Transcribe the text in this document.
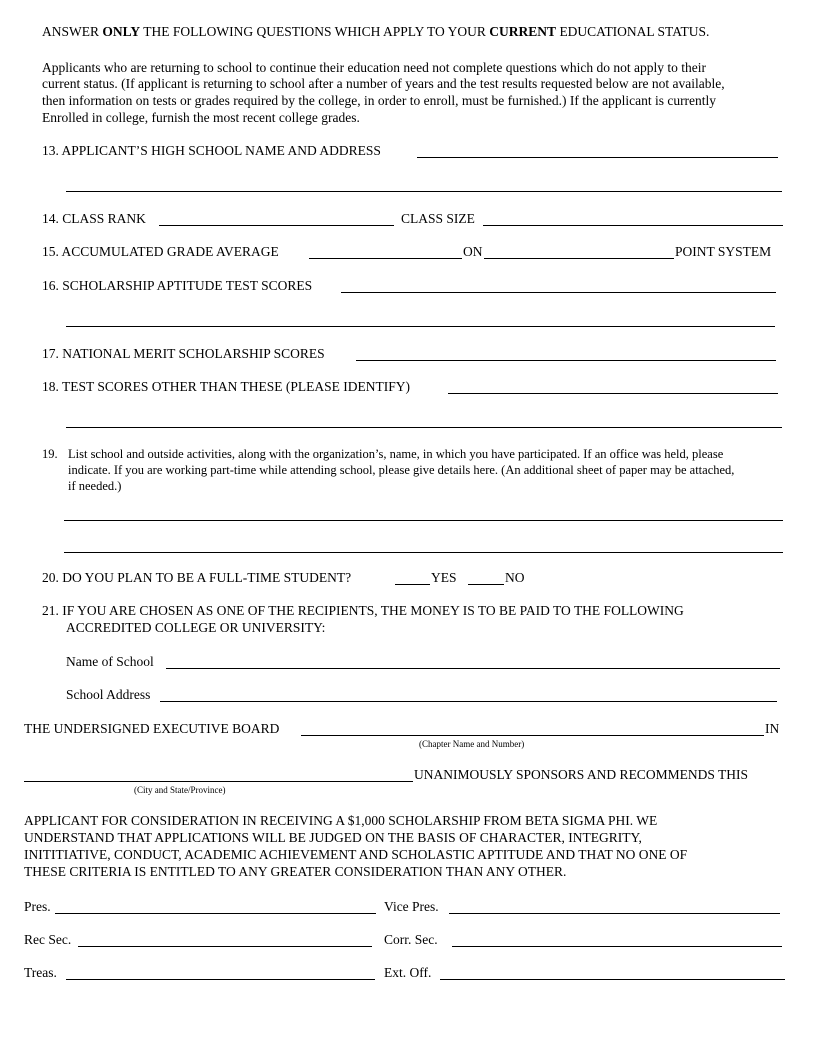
ANSWER ONLY THE FOLLOWING QUESTIONS WHICH APPLY TO YOUR CURRENT EDUCATIONAL STATUS.
Applicants who are returning to school to continue their education need not complete questions which do not apply to their
current status. (If applicant is returning to school after a number of years and the test results requested below are not available,
then information on tests or grades required by the college, in order to enroll, must be furnished.) If the applicant is currently
Enrolled in college, furnish the most recent college grades.
13. APPLICANT’S HIGH SCHOOL NAME AND ADDRESS
14. CLASS RANK	CLASS SIZE
15. ACCUMULATED GRADE AVERAGE	ON	POINT SYSTEM
16. SCHOLARSHIP APTITUDE TEST SCORES
17. NATIONAL MERIT SCHOLARSHIP SCORES
18. TEST SCORES OTHER THAN THESE (PLEASE IDENTIFY)
19. List school and outside activities, along with the organization’s, name, in which you have participated. If an office was held, please
indicate. If you are working part-time while attending school, please give details here. (An additional sheet of paper may be attached,
if needed.)
20. DO YOU PLAN TO BE A FULL-TIME STUDENT?	YES	NO
21. IF YOU ARE CHOSEN AS ONE OF THE RECIPIENTS, THE MONEY IS TO BE PAID TO THE FOLLOWING
ACCREDITED COLLEGE OR UNIVERSITY:
Name of School
School Address
THE UNDERSIGNED EXECUTIVE BOARD	IN
(Chapter Name and Number)
UNANIMOUSLY SPONSORS AND RECOMMENDS THIS
(City and State/Province)
APPLICANT FOR CONSIDERATION IN RECEIVING A $1,000 SCHOLARSHIP FROM BETA SIGMA PHI. WE
UNDERSTAND THAT APPLICATIONS WILL BE JUDGED ON THE BASIS OF CHARACTER, INTEGRITY,
INITITIATIVE, CONDUCT, ACADEMIC ACHIEVEMENT AND SCHOLASTIC APTITUDE AND THAT NO ONE OF
THESE CRITERIA IS ENTITLED TO ANY GREATER CONSIDERATION THAN ANY OTHER.
Pres.	Vice Pres.
Rec Sec.	Corr. Sec.
Treas.	Ext. Off.
